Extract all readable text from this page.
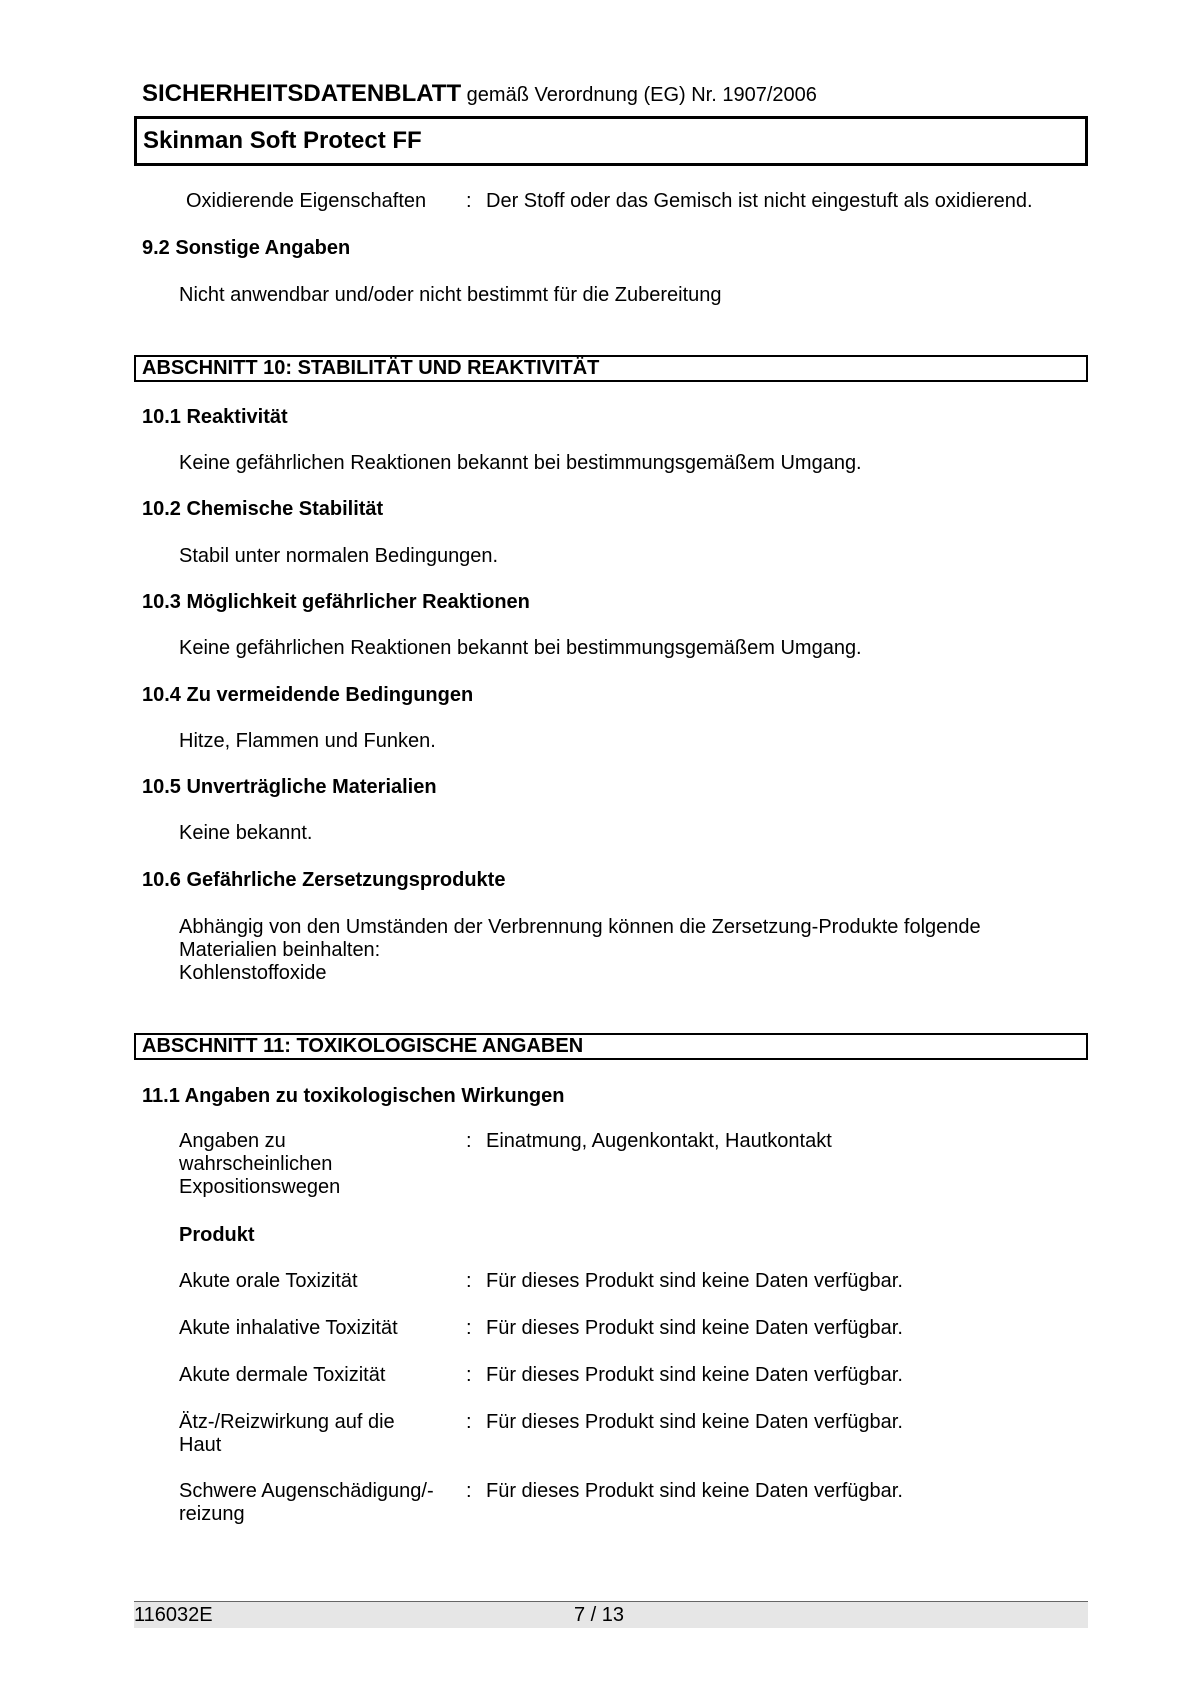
SICHERHEITSDATENBLATT gemäß Verordnung (EG) Nr. 1907/2006
Skinman Soft Protect FF
Oxidierende Eigenschaften : Der Stoff oder das Gemisch ist nicht eingestuft als oxidierend.
9.2 Sonstige Angaben
Nicht anwendbar und/oder nicht bestimmt für die Zubereitung
ABSCHNITT 10: STABILITÄT UND REAKTIVITÄT
10.1 Reaktivität
Keine gefährlichen Reaktionen bekannt bei bestimmungsgemäßem Umgang.
10.2 Chemische Stabilität
Stabil unter normalen Bedingungen.
10.3 Möglichkeit gefährlicher Reaktionen
Keine gefährlichen Reaktionen bekannt bei bestimmungsgemäßem Umgang.
10.4 Zu vermeidende Bedingungen
Hitze, Flammen und Funken.
10.5 Unverträgliche Materialien
Keine bekannt.
10.6 Gefährliche Zersetzungsprodukte
Abhängig von den Umständen der Verbrennung können die Zersetzung-Produkte folgende
Materialien beinhalten:
Kohlenstoffoxide
ABSCHNITT 11: TOXIKOLOGISCHE ANGABEN
11.1 Angaben zu toxikologischen Wirkungen
Angaben zu
wahrscheinlichen
Expositionswegen
: Einatmung, Augenkontakt, Hautkontakt
Produkt
Akute orale Toxizität	: Für dieses Produkt sind keine Daten verfügbar.
Akute inhalative Toxizität	: Für dieses Produkt sind keine Daten verfügbar.
Akute dermale Toxizität	: Für dieses Produkt sind keine Daten verfügbar.
Ätz-/Reizwirkung auf die
Haut
: Für dieses Produkt sind keine Daten verfügbar.
Schwere Augenschädigung/-
reizung
: Für dieses Produkt sind keine Daten verfügbar.
116032E	7 / 13
